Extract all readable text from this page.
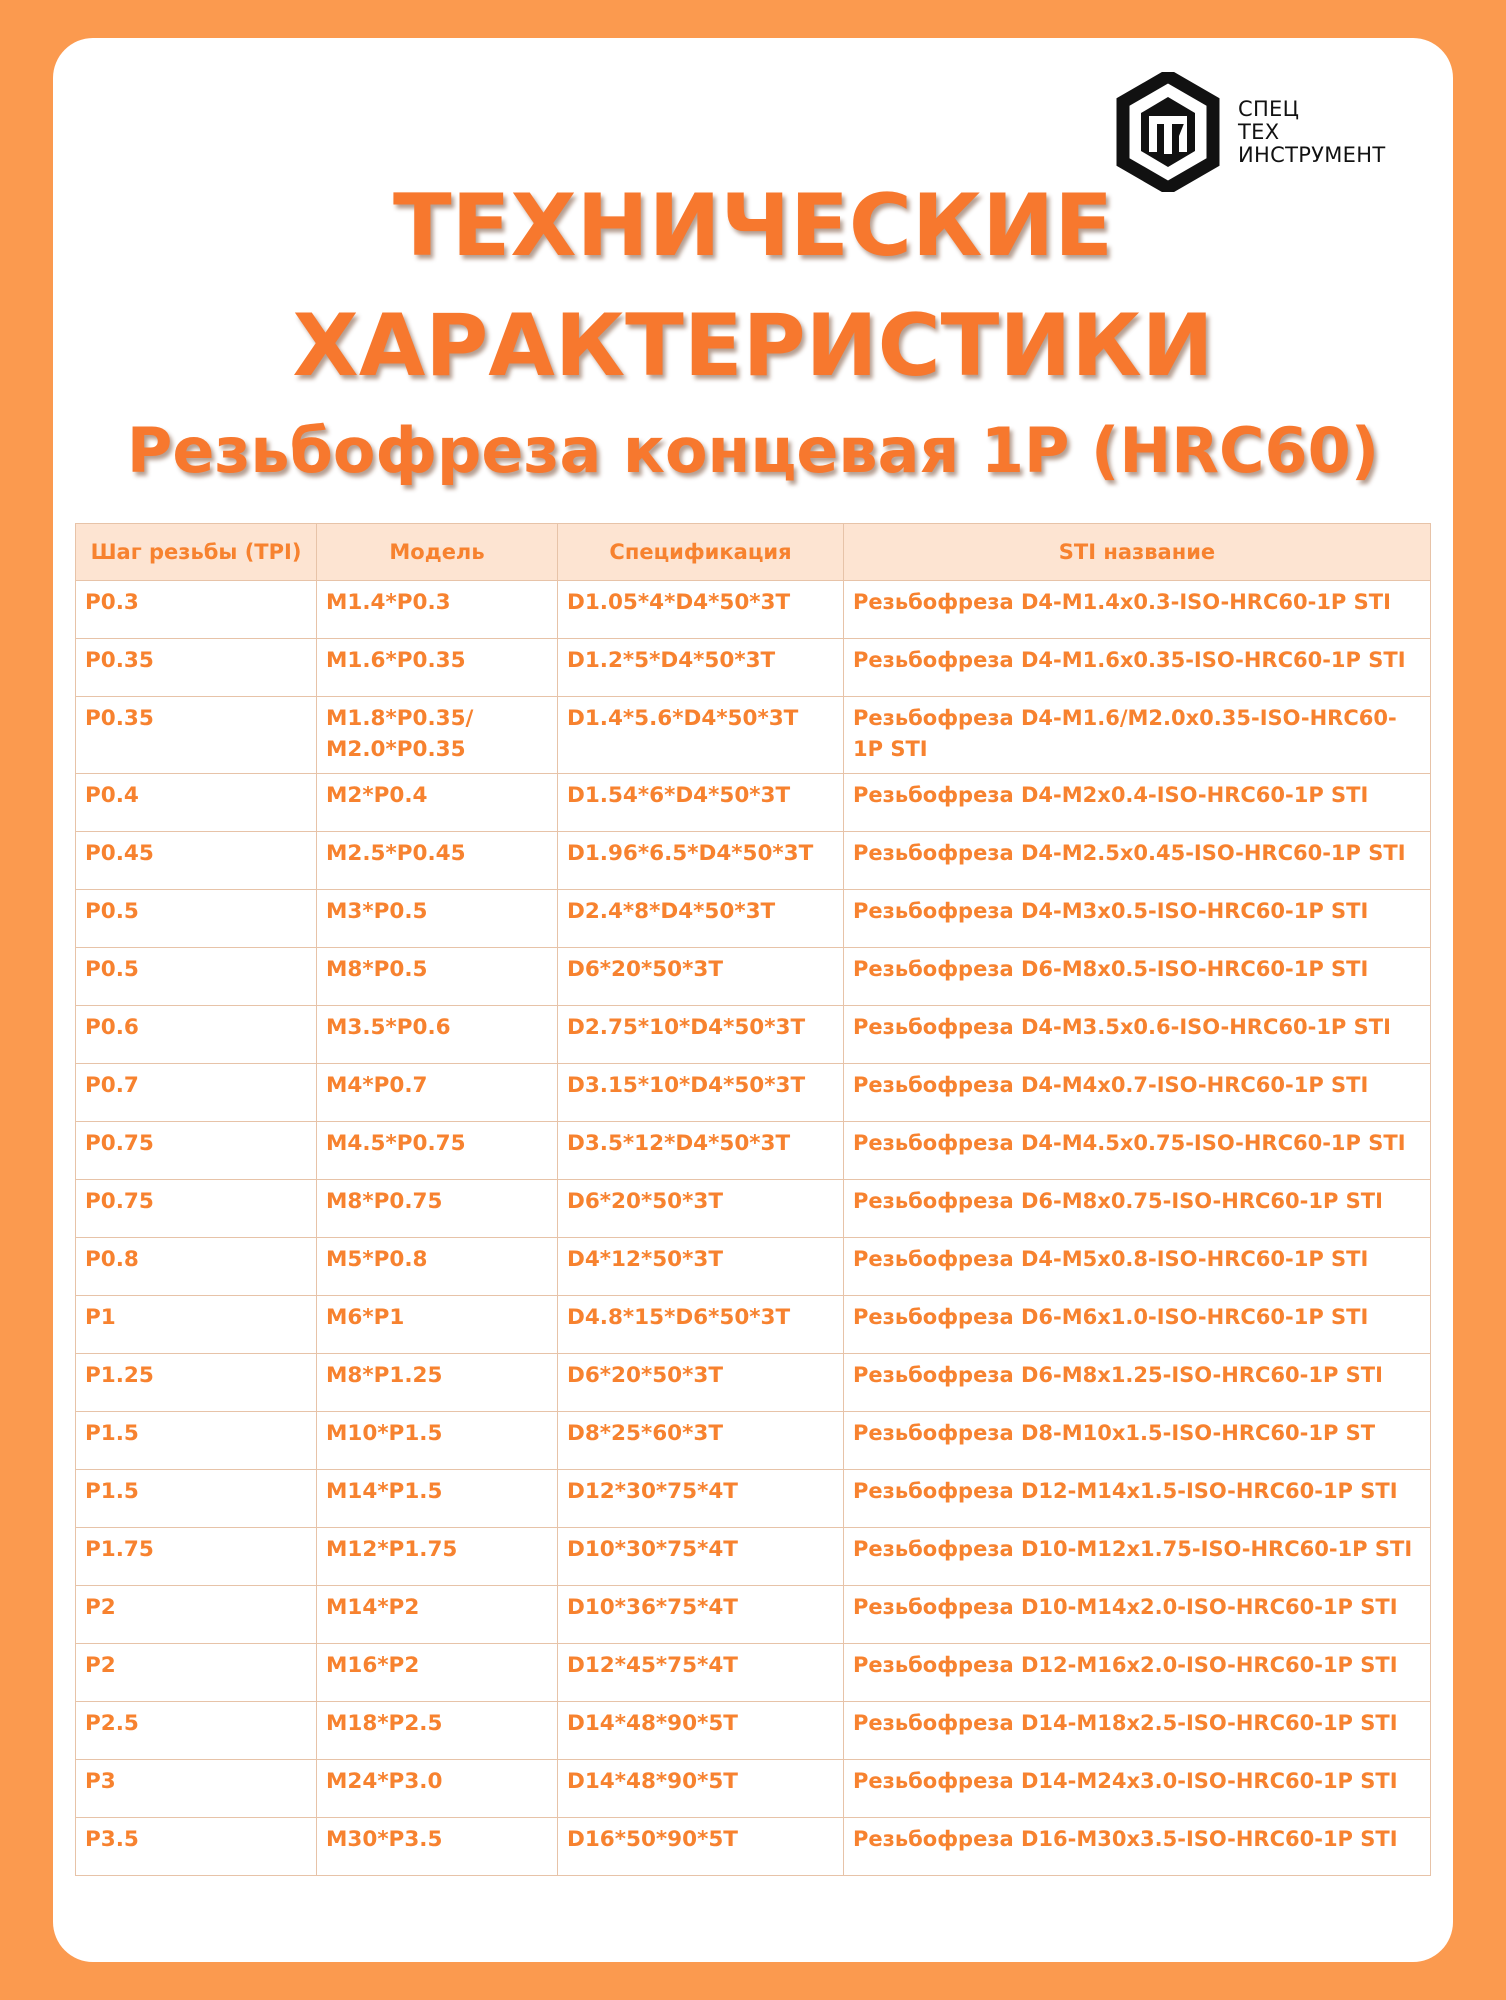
СПЕЦ
ТЕХ
ИНСТРУМЕНТ
ТЕХНИЧЕСКИЕ
ХАРАКТЕРИСТИКИ
Резьбофреза концевая 1P (HRC60)
Шаг резьбы (TPI)	Модель	Спецификация	STI название
P0.3	M1.4*P0.3	D1.05*4*D4*50*3T	Резьбофреза D4-M1.4x0.3-ISO-HRC60-1P STI
P0.35	M1.6*P0.35	D1.2*5*D4*50*3T	Резьбофреза D4-M1.6x0.35-ISO-HRC60-1P STI
P0.35	M1.8*P0.35/ M2.0*P0.35	D1.4*5.6*D4*50*3T	Резьбофреза D4-M1.6/M2.0x0.35-ISO-HRC60-1P STI
P0.4	M2*P0.4	D1.54*6*D4*50*3T	Резьбофреза D4-M2x0.4-ISO-HRC60-1P STI
P0.45	M2.5*P0.45	D1.96*6.5*D4*50*3T	Резьбофреза D4-M2.5x0.45-ISO-HRC60-1P STI
P0.5	M3*P0.5	D2.4*8*D4*50*3T	Резьбофреза D4-M3x0.5-ISO-HRC60-1P STI
P0.5	M8*P0.5	D6*20*50*3T	Резьбофреза D6-M8x0.5-ISO-HRC60-1P STI
P0.6	M3.5*P0.6	D2.75*10*D4*50*3T	Резьбофреза D4-M3.5x0.6-ISO-HRC60-1P STI
P0.7	M4*P0.7	D3.15*10*D4*50*3T	Резьбофреза D4-M4x0.7-ISO-HRC60-1P STI
P0.75	M4.5*P0.75	D3.5*12*D4*50*3T	Резьбофреза D4-M4.5x0.75-ISO-HRC60-1P STI
P0.75	M8*P0.75	D6*20*50*3T	Резьбофреза D6-M8x0.75-ISO-HRC60-1P STI
P0.8	M5*P0.8	D4*12*50*3T	Резьбофреза D4-M5x0.8-ISO-HRC60-1P STI
P1	M6*P1	D4.8*15*D6*50*3T	Резьбофреза D6-M6x1.0-ISO-HRC60-1P STI
P1.25	M8*P1.25	D6*20*50*3T	Резьбофреза D6-M8x1.25-ISO-HRC60-1P STI
P1.5	M10*P1.5	D8*25*60*3T	Резьбофреза D8-M10x1.5-ISO-HRC60-1P ST
P1.5	M14*P1.5	D12*30*75*4T	Резьбофреза D12-M14x1.5-ISO-HRC60-1P STI
P1.75	M12*P1.75	D10*30*75*4T	Резьбофреза D10-M12x1.75-ISO-HRC60-1P STI
P2	M14*P2	D10*36*75*4T	Резьбофреза D10-M14x2.0-ISO-HRC60-1P STI
P2	M16*P2	D12*45*75*4T	Резьбофреза D12-M16x2.0-ISO-HRC60-1P STI
P2.5	M18*P2.5	D14*48*90*5T	Резьбофреза D14-M18x2.5-ISO-HRC60-1P STI
P3	M24*P3.0	D14*48*90*5T	Резьбофреза D14-M24x3.0-ISO-HRC60-1P STI
P3.5	M30*P3.5	D16*50*90*5T	Резьбофреза D16-M30x3.5-ISO-HRC60-1P STI
